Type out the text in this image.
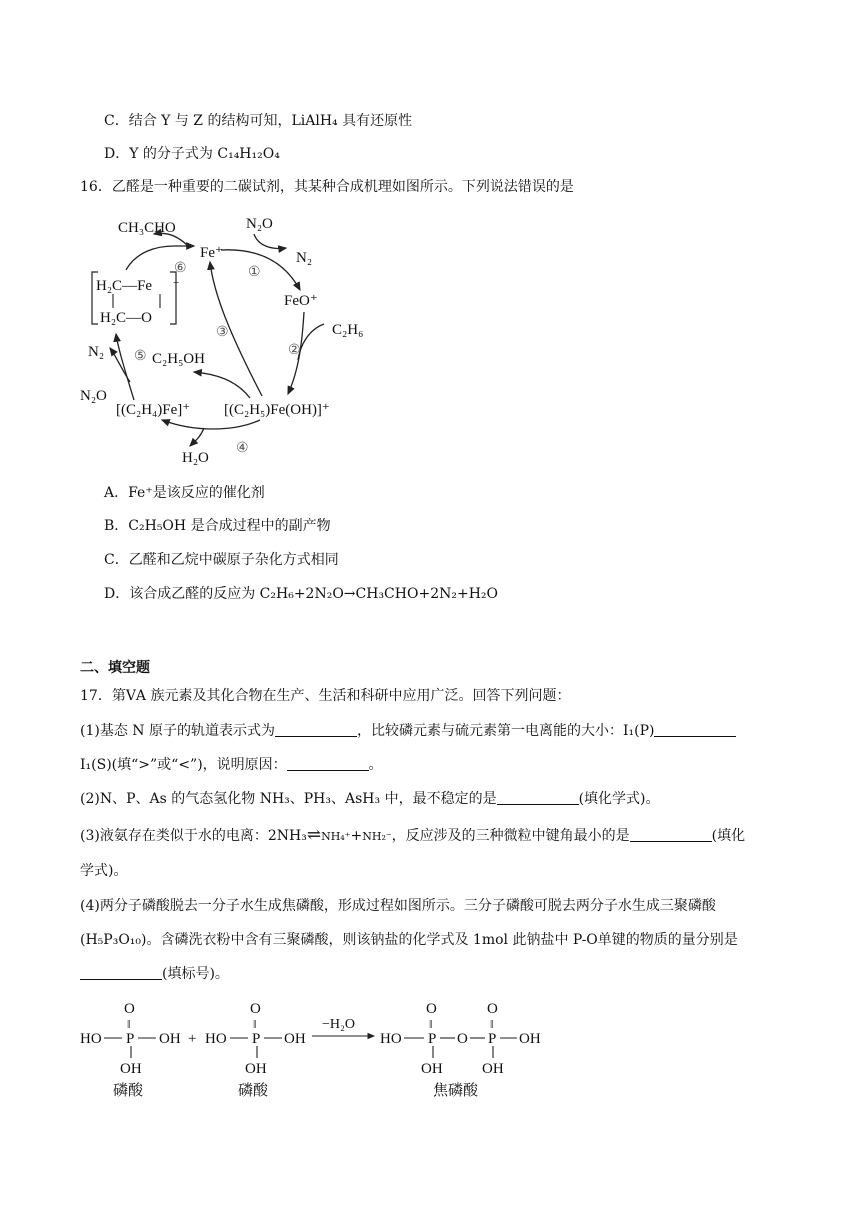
C．结合 Y 与 Z 的结构可知，LiAlH₄ 具有还原性
D．Y 的分子式为 C₁₄H₁₂O₄
16．乙醛是一种重要的二碳试剂，其某种合成机理如图所示。下列说法错误的是
CH₃CHO
Fe⁺
N₂O
N₂
FeO⁺
C₂H₆
H₂C—Fe
H₂C—O
+
N₂
N₂O
C₂H₅OH
[(C₂H₄)Fe]⁺ [(C₂H₅)Fe(OH)]⁺
H₂O
①
②
③
④
⑤
⑥
A．Fe⁺是该反应的催化剂
B．C₂H₅OH 是合成过程中的副产物
C．乙醛和乙烷中碳原子杂化方式相同
D．该合成乙醛的反应为 C₂H₆+2N₂O→CH₃CHO+2N₂+H₂O
二、填空题
17．第ⅤA 族元素及其化合物在生产、生活和科研中应用广泛。回答下列问题：
(1)基态 N 原子的轨道表示式为	，比较磷元素与硫元素第一电离能的大小：I₁(P)
I₁(S)(填“>”或“<”)，说明原因：	。
(2)N、P、As 的气态氢化物 NH₃、PH₃、AsH₃ 中，最不稳定的是	(填化学式)。
(3)液氨存在类似于水的电离：2NH₃⇌NH₄⁺+NH₂⁻，反应涉及的三种微粒中键角最小的是	(填化
学式)。
(4)两分子磷酸脱去一分子水生成焦磷酸，形成过程如图所示。三分子磷酸可脱去两分子水生成三聚磷酸
(H₅P₃O₁₀)。含磷洗衣粉中含有三聚磷酸，则该钠盐的化学式及 1mol 此钠盐中 P-O单键的物质的量分别是
(填标号)。
O
‖
HO P OH
OH
磷酸
+
O
‖
HO P OH
OH
磷酸
−H₂O
O
‖
O
‖
HO P O P OH
OH	OH
焦磷酸
